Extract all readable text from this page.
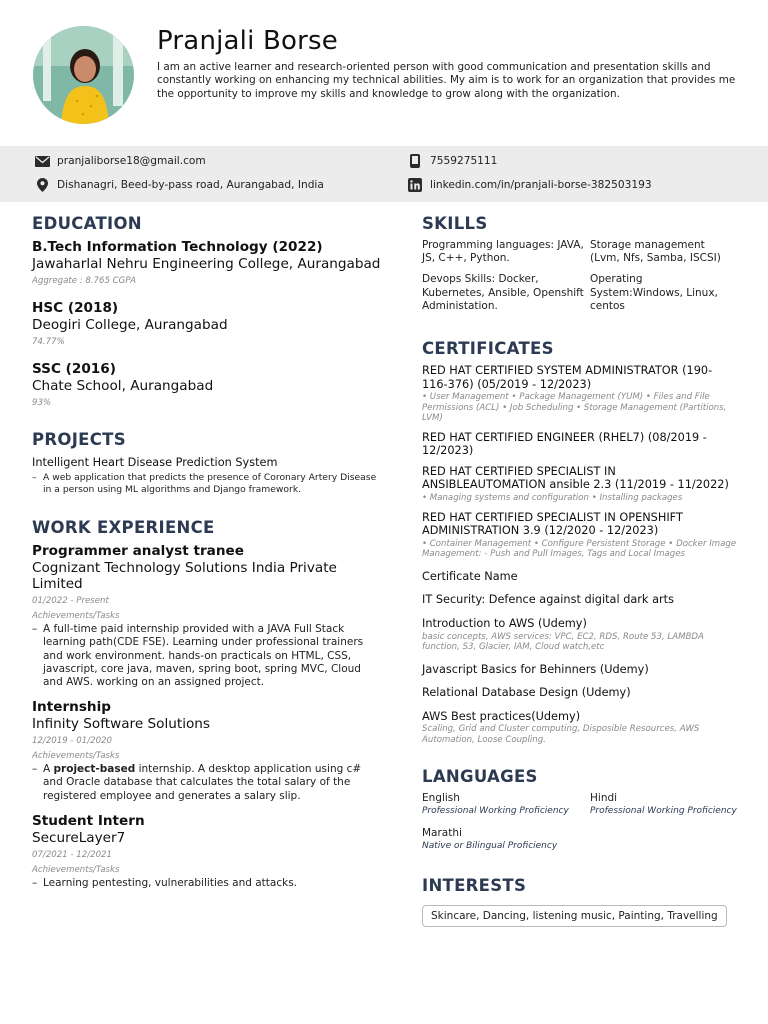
Pranjali Borse

I am an active learner and research-oriented person with good communication and presentation skills and constantly working on enhancing my technical abilities. My aim is to work for an organization that provides me the opportunity to improve my skills and knowledge to grow along with the organization.

pranjaliborse18@gmail.com	7559275111
Dishanagri, Beed-by-pass road, Aurangabad, India	linkedin.com/in/pranjali-borse-382503193
EDUCATION
B.Tech Information Technology (2022)
Jawaharlal Nehru Engineering College, Aurangabad
Aggregate : 8.765 CGPA
HSC (2018)
Deogiri College, Aurangabad
74.77%
SSC (2016)
Chate School, Aurangabad
93%
PROJECTS
Intelligent Heart Disease Prediction System
– A web application that predicts the presence of Coronary Artery Disease in a person using ML algorithms and Django framework.
WORK EXPERIENCE
Programmer analyst tranee
Cognizant Technology Solutions India Private Limited
01/2022 - Present
Achievements/Tasks
– A full-time paid internship provided with a JAVA Full Stack learning path(CDE FSE). Learning under professional trainers and work environment. hands-on practicals on HTML, CSS, javascript, core java, maven, spring boot, spring MVC, Cloud and AWS. working on an assigned project.
Internship
Infinity Software Solutions
12/2019 - 01/2020
Achievements/Tasks
– A project-based internship. A desktop application using c# and Oracle database that calculates the total salary of the registered employee and generates a salary slip.
Student Intern
SecureLayer7
07/2021 - 12/2021
Achievements/Tasks
– Learning pentesting, vulnerabilities and attacks.
SKILLS
Programming languages: JAVA, JS, C++, Python.
Storage management (Lvm, Nfs, Samba, ISCSI)
Devops Skills: Docker, Kubernetes, Ansible, Openshift Administation.
Operating System:Windows, Linux, centos
CERTIFICATES
RED HAT CERTIFIED SYSTEM ADMINISTRATOR (190-116-376) (05/2019 - 12/2023)
• User Management • Package Management (YUM) • Files and File Permissions (ACL) • Job Scheduling • Storage Management (Partitions, LVM)
RED HAT CERTIFIED ENGINEER (RHEL7) (08/2019 - 12/2023)
RED HAT CERTIFIED SPECIALIST IN ANSIBLEAUTOMATION ansible 2.3 (11/2019 - 11/2022)
• Managing systems and configuration • Installing packages
RED HAT CERTIFIED SPECIALIST IN OPENSHIFT ADMINISTRATION 3.9 (12/2020 - 12/2023)
• Container Management • Configure Persistent Storage • Docker Image Management: - Push and Pull Images, Tags and Local Images
Certificate Name
IT Security: Defence against digital dark arts
Introduction to AWS (Udemy)
basic concepts, AWS services: VPC, EC2, RDS, Route 53, LAMBDA function, S3, Glacier, IAM, Cloud watch,etc
Javascript Basics for Behinners (Udemy)
Relational Database Design (Udemy)
AWS Best practices(Udemy)
Scaling, Grid and Cluster computing, Disposible Resources, AWS Automation, Loose Coupling.
LANGUAGES
English
Professional Working Proficiency
Hindi
Professional Working Proficiency
Marathi
Native or Bilingual Proficiency
INTERESTS
Skincare, Dancing, listening music, Painting, Travelling
